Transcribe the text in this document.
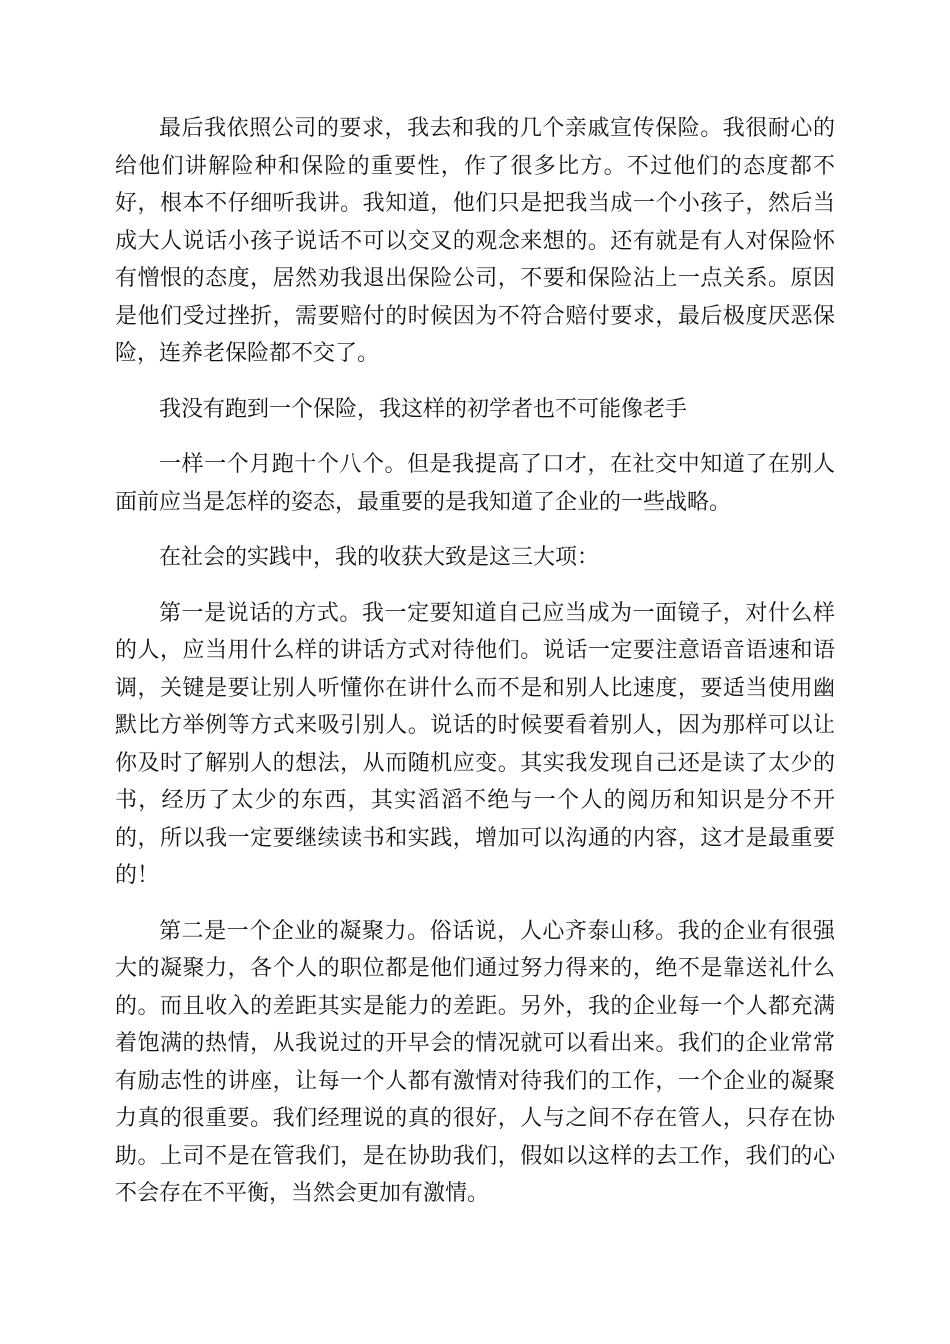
最后我依照公司的要求，我去和我的几个亲戚宣传保险。我很耐心的给他们讲解险种和保险的重要性，作了很多比方。不过他们的态度都不好，根本不仔细听我讲。我知道，他们只是把我当成一个小孩子，然后当成大人说话小孩子说话不可以交叉的观念来想的。还有就是有人对保险怀有憎恨的态度，居然劝我退出保险公司，不要和保险沾上一点关系。原因是他们受过挫折，需要赔付的时候因为不符合赔付要求，最后极度厌恶保险，连养老保险都不交了。

我没有跑到一个保险，我这样的初学者也不可能像老手

一样一个月跑十个八个。但是我提高了口才，在社交中知道了在别人面前应当是怎样的姿态，最重要的是我知道了企业的一些战略。

在社会的实践中，我的收获大致是这三大项：

第一是说话的方式。我一定要知道自己应当成为一面镜子，对什么样的人，应当用什么样的讲话方式对待他们。说话一定要注意语音语速和语调，关键是要让别人听懂你在讲什么而不是和别人比速度，要适当使用幽默比方举例等方式来吸引别人。说话的时候要看着别人，因为那样可以让你及时了解别人的想法，从而随机应变。其实我发现自己还是读了太少的书，经历了太少的东西，其实滔滔不绝与一个人的阅历和知识是分不开的，所以我一定要继续读书和实践，增加可以沟通的内容，这才是最重要的！

第二是一个企业的凝聚力。俗话说，人心齐泰山移。我的企业有很强大的凝聚力，各个人的职位都是他们通过努力得来的，绝不是靠送礼什么的。而且收入的差距其实是能力的差距。另外，我的企业每一个人都充满着饱满的热情，从我说过的开早会的情况就可以看出来。我们的企业常常有励志性的讲座，让每一个人都有激情对待我们的工作，一个企业的凝聚力真的很重要。我们经理说的真的很好，人与之间不存在管人，只存在协助。上司不是在管我们，是在协助我们，假如以这样的去工作，我们的心不会存在不平衡，当然会更加有激情。
